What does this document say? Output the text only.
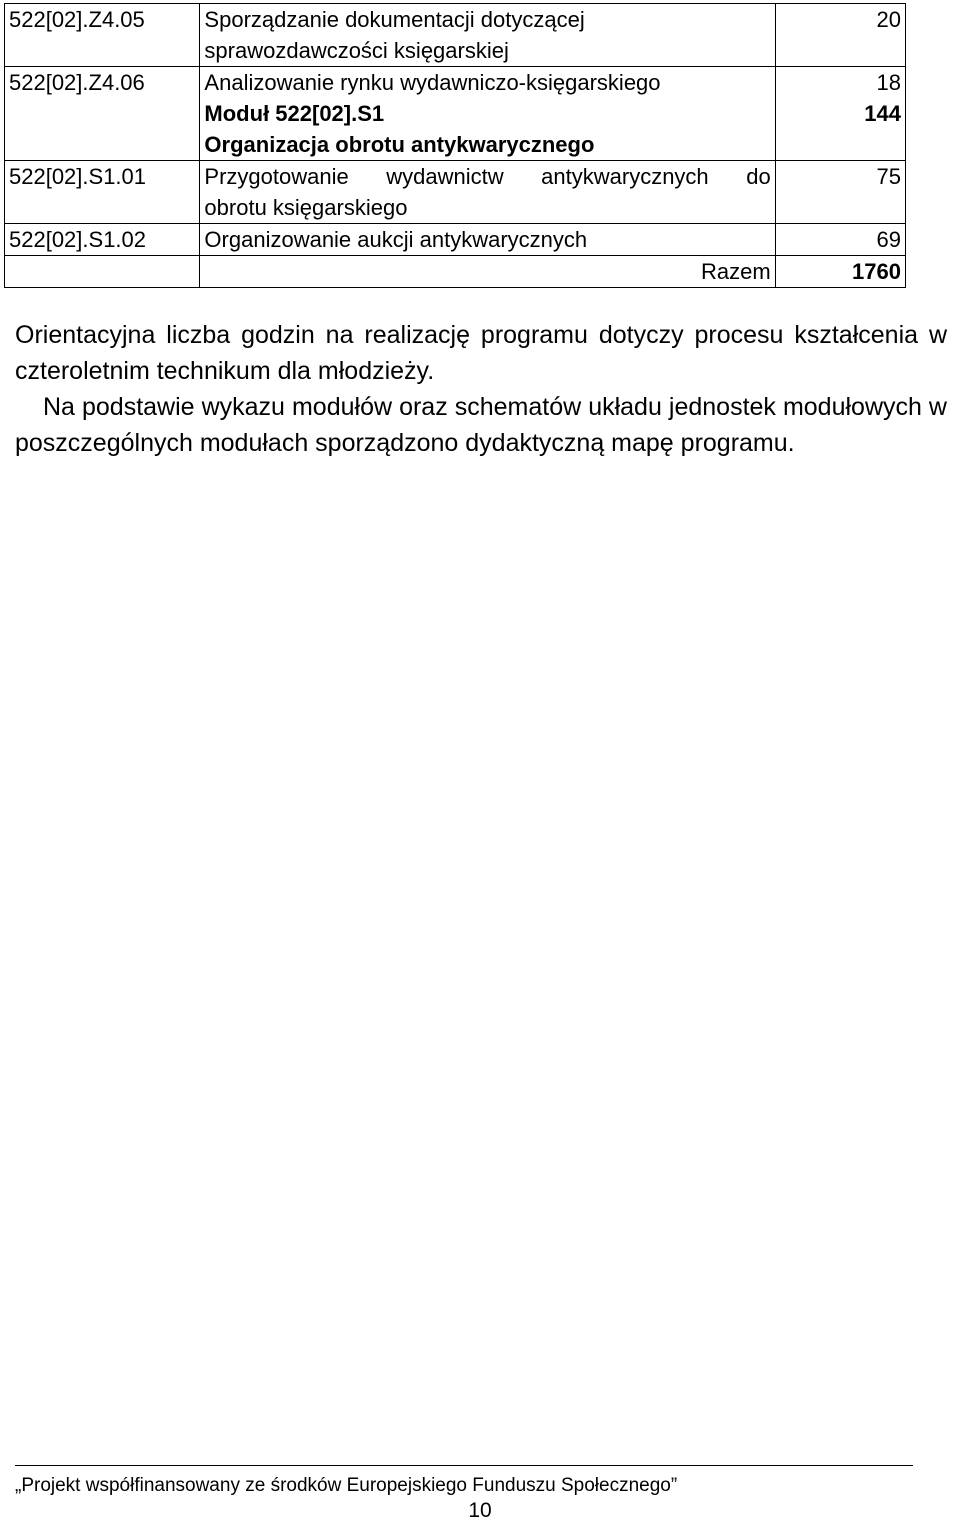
522[02].Z4.05	Sporządzanie dokumentacji dotyczącej
sprawozdawczości księgarskiej	20
522[02].Z4.06	Analizowanie rynku wydawniczo-księgarskiego	18
	Moduł 522[02].S1
Organizacja obrotu antykwarycznego	144
522[02].S1.01	Przygotowanie wydawnictw antykwarycznych do
obrotu księgarskiego	75
522[02].S1.02	Organizowanie aukcji antykwarycznych	69
	Razem	1760

Orientacyjna liczba godzin na realizację programu dotyczy procesu kształcenia w czteroletnim technikum dla młodzieży.

Na podstawie wykazu modułów oraz schematów układu jednostek modułowych w poszczególnych modułach sporządzono dydaktyczną mapę programu.

„Projekt współfinansowany ze środków Europejskiego Funduszu Społecznego”
10
